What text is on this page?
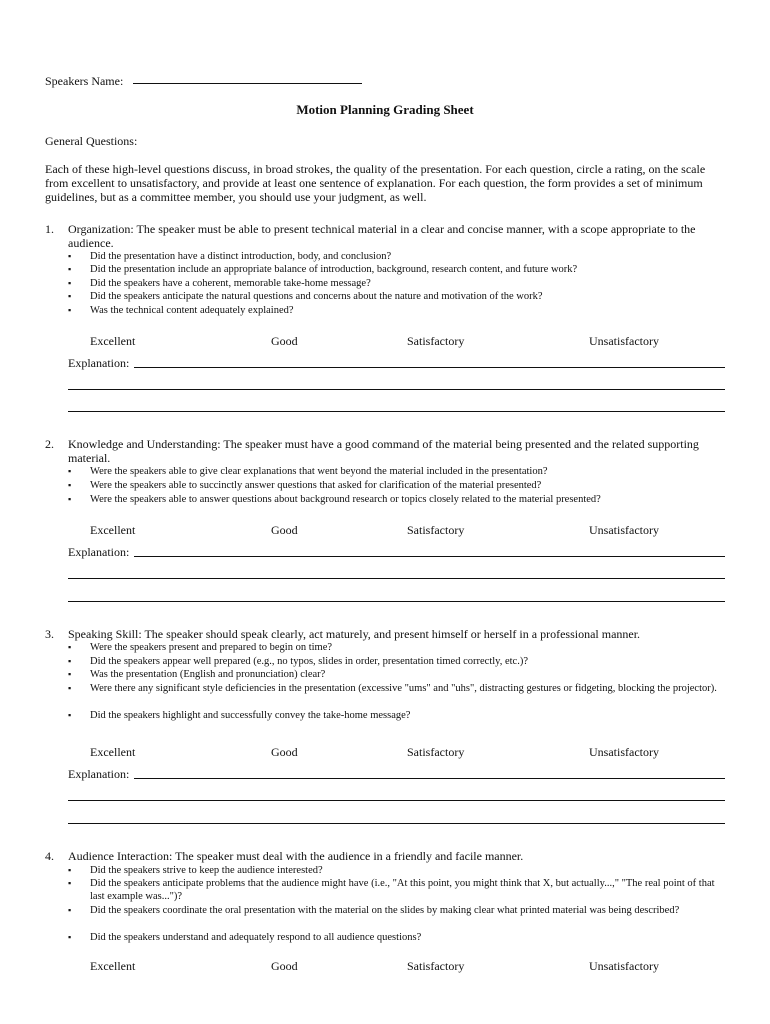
Speakers Name:
Motion Planning Grading Sheet
General Questions:
Each of these high-level questions discuss, in broad strokes, the quality of the presentation. For each question, circle a rating, on the scale from excellent to unsatisfactory, and provide at least one sentence of explanation. For each question, the form provides a set of minimum guidelines, but as a committee member, you should use your judgment, as well.
1. Organization: The speaker must be able to present technical material in a clear and concise manner, with a scope appropriate to the audience.
▪ Did the presentation have a distinct introduction, body, and conclusion?
▪ Did the presentation include an appropriate balance of introduction, background, research content, and future work?
▪ Did the speakers have a coherent, memorable take-home message?
▪ Did the speakers anticipate the natural questions and concerns about the nature and motivation of the work?
▪ Was the technical content adequately explained?
Excellent	Good	Satisfactory	Unsatisfactory
Explanation:
2. Knowledge and Understanding: The speaker must have a good command of the material being presented and the related supporting material.
▪ Were the speakers able to give clear explanations that went beyond the material included in the presentation?
▪ Were the speakers able to succinctly answer questions that asked for clarification of the material presented?
▪ Were the speakers able to answer questions about background research or topics closely related to the material presented?
Excellent	Good	Satisfactory	Unsatisfactory
Explanation:
3. Speaking Skill: The speaker should speak clearly, act maturely, and present himself or herself in a professional manner.
▪ Were the speakers present and prepared to begin on time?
▪ Did the speakers appear well prepared (e.g., no typos, slides in order, presentation timed correctly, etc.)?
▪ Was the presentation (English and pronunciation) clear?
▪ Were there any significant style deficiencies in the presentation (excessive "ums" and "uhs", distracting gestures or fidgeting, blocking the projector).
▪ Did the speakers highlight and successfully convey the take-home message?
Excellent	Good	Satisfactory	Unsatisfactory
Explanation:
4. Audience Interaction: The speaker must deal with the audience in a friendly and facile manner.
▪ Did the speakers strive to keep the audience interested?
▪ Did the speakers anticipate problems that the audience might have (i.e., "At this point, you might think that X, but actually...," "The real point of that last example was...")?
▪ Did the speakers coordinate the oral presentation with the material on the slides by making clear what printed material was being described?
▪ Did the speakers understand and adequately respond to all audience questions?
Excellent	Good	Satisfactory	Unsatisfactory
